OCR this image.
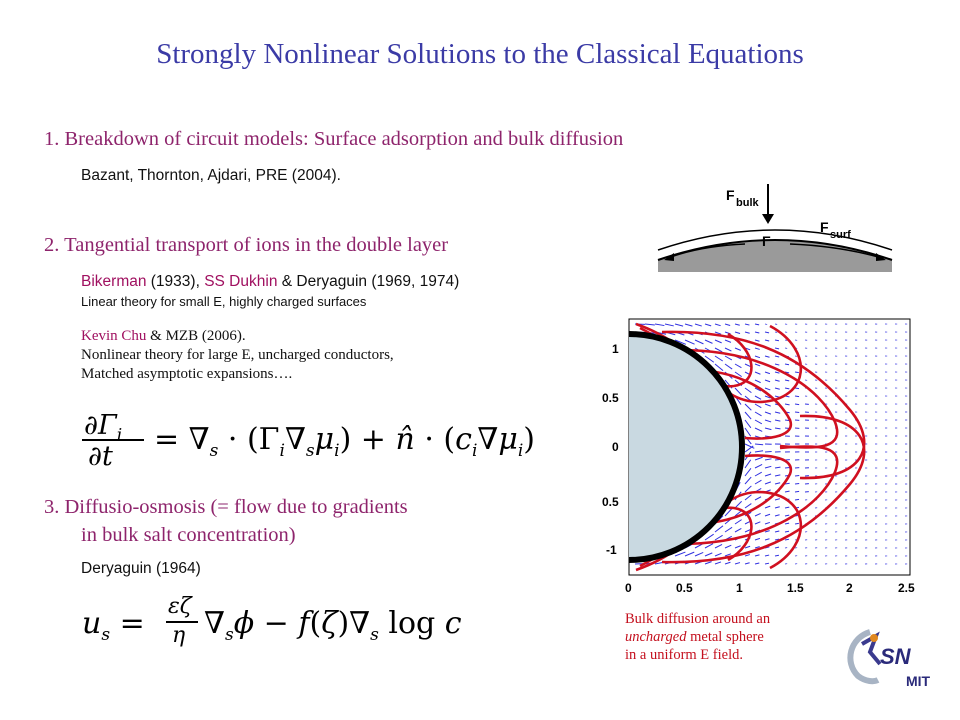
Strongly Nonlinear Solutions to the Classical Equations
1. Breakdown of circuit models: Surface adsorption and bulk diffusion
Bazant, Thornton, Ajdari, PRE (2004).
2. Tangential transport of ions in the double layer
Bikerman (1933), SS Dukhin & Deryaguin (1969, 1974)
Linear theory for small E, highly charged surfaces
Kevin Chu & MZB (2006).
Nonlinear theory for large E, uncharged conductors,
Matched asymptotic expansions….
$\partial\Gamma_i$
$\partial t = \nabla_s \cdot (\Gamma_i\nabla_s\mu_i)$ + n̂ · $(c_i\nabla\mu_i)$
3. Diffusio-osmosis (= flow due to gradients
in bulk salt concentration)
Deryaguin (1964)
$u_s = \varepsilon\zeta$
η $\nabla_s\phi - f(\zeta)\nabla_s$ log c
F bulk
F surf
Γ
1
0.5
0
0.5
-1
0	0.5	1	1.5	2	2.5
Bulk diffusion around an
uncharged metal sphere
in a uniform E field.	SN
MIT
